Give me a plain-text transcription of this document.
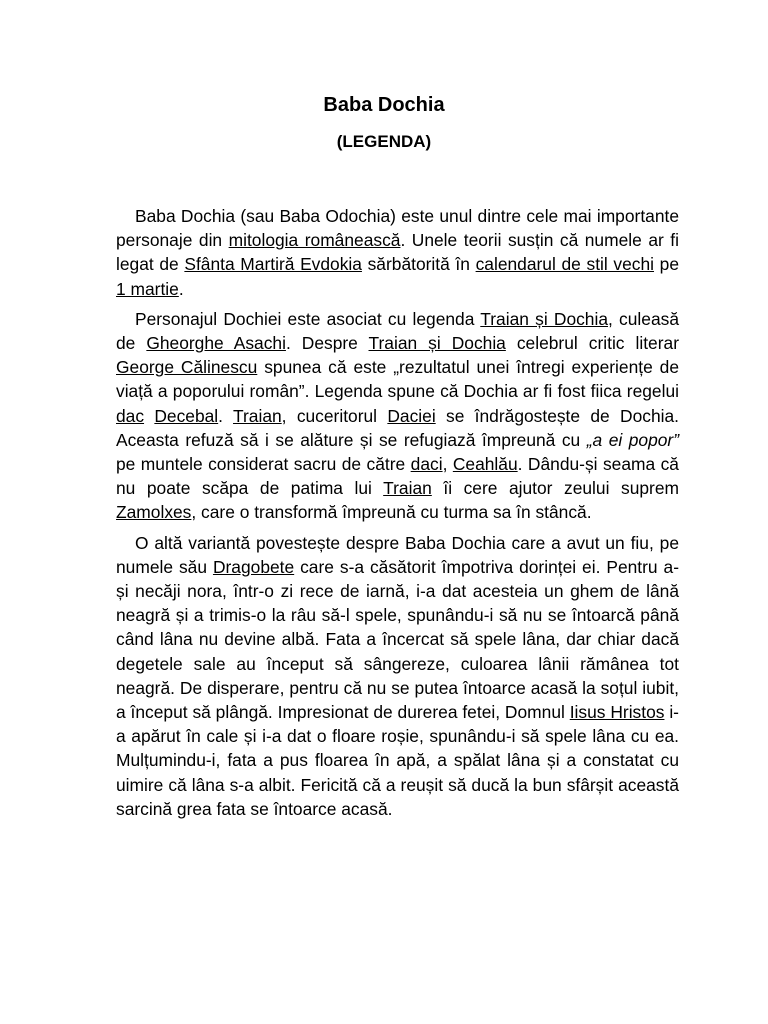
Baba Dochia
(LEGENDA)

Baba Dochia (sau Baba Odochia) este unul dintre cele mai importante personaje din mitologia românească. Unele teorii susțin că numele ar fi legat de Sfânta Martiră Evdokia sărbătorită în calendarul de stil vechi pe 1 martie.

Personajul Dochiei este asociat cu legenda Traian și Dochia, culeasă de Gheorghe Asachi. Despre Traian și Dochia celebrul critic literar George Călinescu spunea că este „rezultatul unei întregi experiențe de viață a poporului român”. Legenda spune că Dochia ar fi fost fiica regelui dac Decebal. Traian, cuceritorul Daciei se îndrăgostește de Dochia. Aceasta refuză să i se alăture și se refugiază împreună cu „a ei popor” pe muntele considerat sacru de către daci, Ceahlău. Dându-și seama că nu poate scăpa de patima lui Traian îi cere ajutor zeului suprem Zamolxes, care o transformă împreună cu turma sa în stâncă.

O altă variantă povestește despre Baba Dochia care a avut un fiu, pe numele său Dragobete care s-a căsătorit împotriva dorinței ei. Pentru a-și necăji nora, într-o zi rece de iarnă, i-a dat acesteia un ghem de lână neagră și a trimis-o la râu să-l spele, spunându-i să nu se întoarcă până când lâna nu devine albă. Fata a încercat să spele lâna, dar chiar dacă degetele sale au început să sângereze, culoarea lânii rămânea tot neagră. De disperare, pentru că nu se putea întoarce acasă la soțul iubit, a început să plângă. Impresionat de durerea fetei, Domnul Iisus Hristos i-a apărut în cale și i-a dat o floare roșie, spunându-i să spele lâna cu ea. Mulțumindu-i, fata a pus floarea în apă, a spălat lâna și a constatat cu uimire că lâna s-a albit. Fericită că a reușit să ducă la bun sfârșit această sarcină grea fata se întoarce acasă.
